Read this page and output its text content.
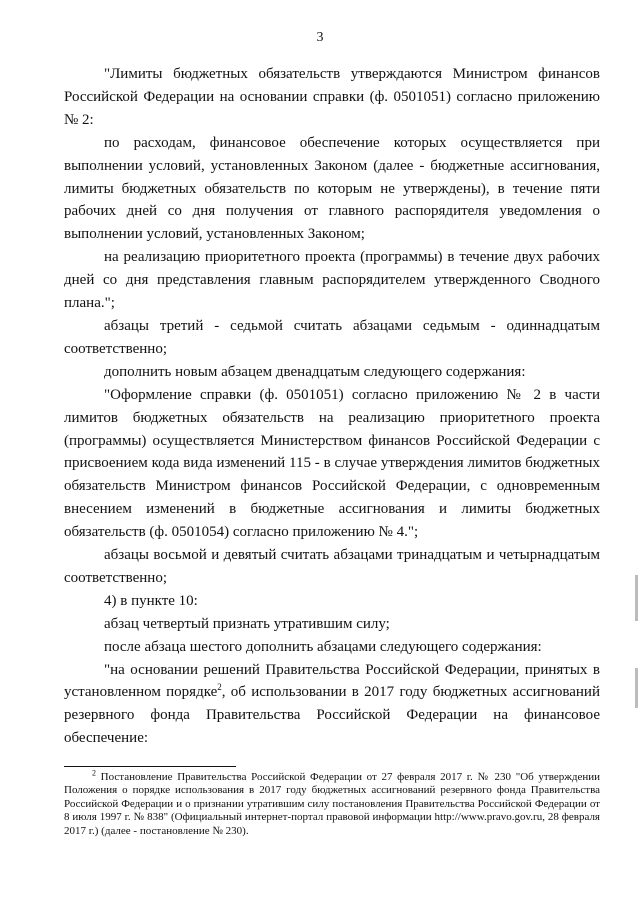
3

"Лимиты бюджетных обязательств утверждаются Министром финансов Российской Федерации на основании справки (ф. 0501051) согласно приложению № 2:

по расходам, финансовое обеспечение которых осуществляется при выполнении условий, установленных Законом (далее - бюджетные ассигнования, лимиты бюджетных обязательств по которым не утверждены), в течение пяти рабочих дней со дня получения от главного распорядителя уведомления о выполнении условий, установленных Законом;

на реализацию приоритетного проекта (программы) в течение двух рабочих дней со дня представления главным распорядителем утвержденного Сводного плана.";

абзацы третий - седьмой считать абзацами седьмым - одиннадцатым соответственно;

дополнить новым абзацем двенадцатым следующего содержания:

"Оформление справки (ф. 0501051) согласно приложению № 2 в части лимитов бюджетных обязательств на реализацию приоритетного проекта (программы) осуществляется Министерством финансов Российской Федерации с присвоением кода вида изменений 115 - в случае утверждения лимитов бюджетных обязательств Министром финансов Российской Федерации, с одновременным внесением изменений в бюджетные ассигнования и лимиты бюджетных обязательств (ф. 0501054) согласно приложению № 4.";

абзацы восьмой и девятый считать абзацами тринадцатым и четырнадцатым соответственно;

4) в пункте 10:

абзац четвертый признать утратившим силу;

после абзаца шестого дополнить абзацами следующего содержания:

"на основании решений Правительства Российской Федерации, принятых в установленном порядке$^2$, об использовании в 2017 году бюджетных ассигнований резервного фонда Правительства Российской Федерации на финансовое обеспечение:

$^2$ Постановление Правительства Российской Федерации от 27 февраля 2017 г. № 230 "Об утверждении Положения о порядке использования в 2017 году бюджетных ассигнований резервного фонда Правительства Российской Федерации и о признании утратившим силу постановления Правительства Российской Федерации от 8 июля 1997 г. № 838" (Официальный интернет-портал правовой информации http://www.pravo.gov.ru, 28 февраля 2017 г.) (далее - постановление № 230).
